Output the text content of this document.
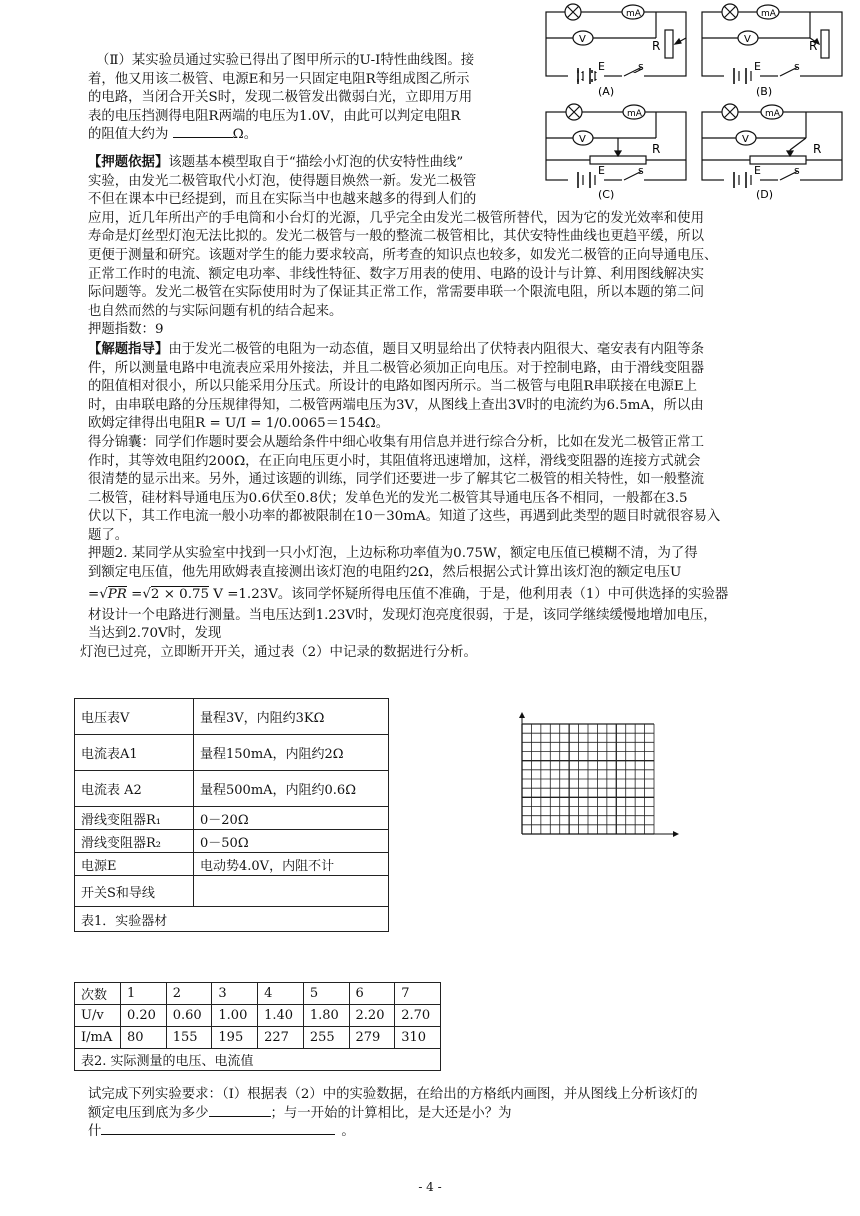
mA
V	R
E	s
(A)
mA
V	R
E	s
(B)
mA
V
R
E	s
(C)
mA
V
R
E	s
(D)
（Ⅱ）某实验员通过实验已得出了图甲所示的U-I特性曲线图。接
着，他又用该二极管、电源E和另一只固定电阻R等组成图乙所示
的电路，当闭合开关S时，发现二极管发出微弱白光，立即用万用
表的电压挡测得电阻R两端的电压为1.0V，由此可以判定电阻R
的阻值大约为	Ω。
【押题依据】该题基本模型取自于“描绘小灯泡的伏安特性曲线”
实验，由发光二极管取代小灯泡，使得题目焕然一新。发光二极管
不但在课本中已经提到，而且在实际当中也越来越多的得到人们的
应用，近几年所出产的手电筒和小台灯的光源，几乎完全由发光二极管所替代，因为它的发光效率和使用
寿命是灯丝型灯泡无法比拟的。发光二极管与一般的整流二极管相比，其伏安特性曲线也更趋平缓，所以
更便于测量和研究。该题对学生的能力要求较高，所考查的知识点也较多，如发光二极管的正向导通电压、
正常工作时的电流、额定电功率、非线性特征、数字万用表的使用、电路的设计与计算、利用图线解决实
际问题等。发光二极管在实际使用时为了保证其正常工作，常需要串联一个限流电阻，所以本题的第二问
也自然而然的与实际问题有机的结合起来。
押题指数：9
【解题指导】由于发光二极管的电阻为一动态值，题目又明显给出了伏特表内阻很大、毫安表有内阻等条
件，所以测量电路中电流表应采用外接法，并且二极管必须加正向电压。对于控制电路，由于滑线变阻器
的阻值相对很小，所以只能采用分压式。所设计的电路如图丙所示。当二极管与电阻R串联接在电源E上
时，由串联电路的分压规律得知，二极管两端电压为3V，从图线上查出3V时的电流约为6.5mA，所以由
欧姆定律得出电阻R = U/I = 1/0.0065＝154Ω。
得分锦囊：同学们作题时要会从题给条件中细心收集有用信息并进行综合分析，比如在发光二极管正常工
作时，其等效电阻约200Ω，在正向电压更小时，其阻值将迅速增加，这样，滑线变阻器的连接方式就会
很清楚的显示出来。另外，通过该题的训练，同学们还要进一步了解其它二极管的相关特性，如一般整流
二极管，硅材料导通电压为0.6伏至0.8伏；发单色光的发光二极管其导通电压各不相同，一般都在3.5
伏以下，其工作电流一般小功率的都被限制在10－30mA。知道了这些，再遇到此类型的题目时就很容易入
题了。
押题2. 某同学从实验室中找到一只小灯泡，上边标称功率值为0.75W，额定电压值已模糊不清，为了得
到额定电压值，他先用欧姆表直接测出该灯泡的电阻约2Ω，然后根据公式计算出该灯泡的额定电压U
=√PR =√2 × 0.75 V =1.23V。该同学怀疑所得电压值不准确，于是，他利用表（1）中可供选择的实验器
材设计一个电路进行测量。当电压达到1.23V时，发现灯泡亮度很弱，于是，该同学继续缓慢地增加电压，
当达到2.70V时，发现
灯泡已过亮，立即断开开关，通过表（2）中记录的数据进行分析。
电压表V	量程3V，内阻约3KΩ
电流表A1	量程150mA，内阻约2Ω
电流表 A2	量程500mA，内阻约0.6Ω
滑线变阻器R₁	0－20Ω
滑线变阻器R₂	0－50Ω
电源E	电动势4.0V，内阻不计
开关S和导线	
表1．实验器材	
次数	1	2	3	4	5	6	7
U/v	0.20	0.60	1.00	1.40	1.80	2.20	2.70
I/mA	80	155	195	227	255	279	310
表2. 实际测量的电压、电流值							
试完成下列实验要求：（Ⅰ）根据表（2）中的实验数据，在给出的方格纸内画图，并从图线上分析该灯的
额定电压到底为多少	；与一开始的计算相比，是大还是小？为
什	。
- 4 -
